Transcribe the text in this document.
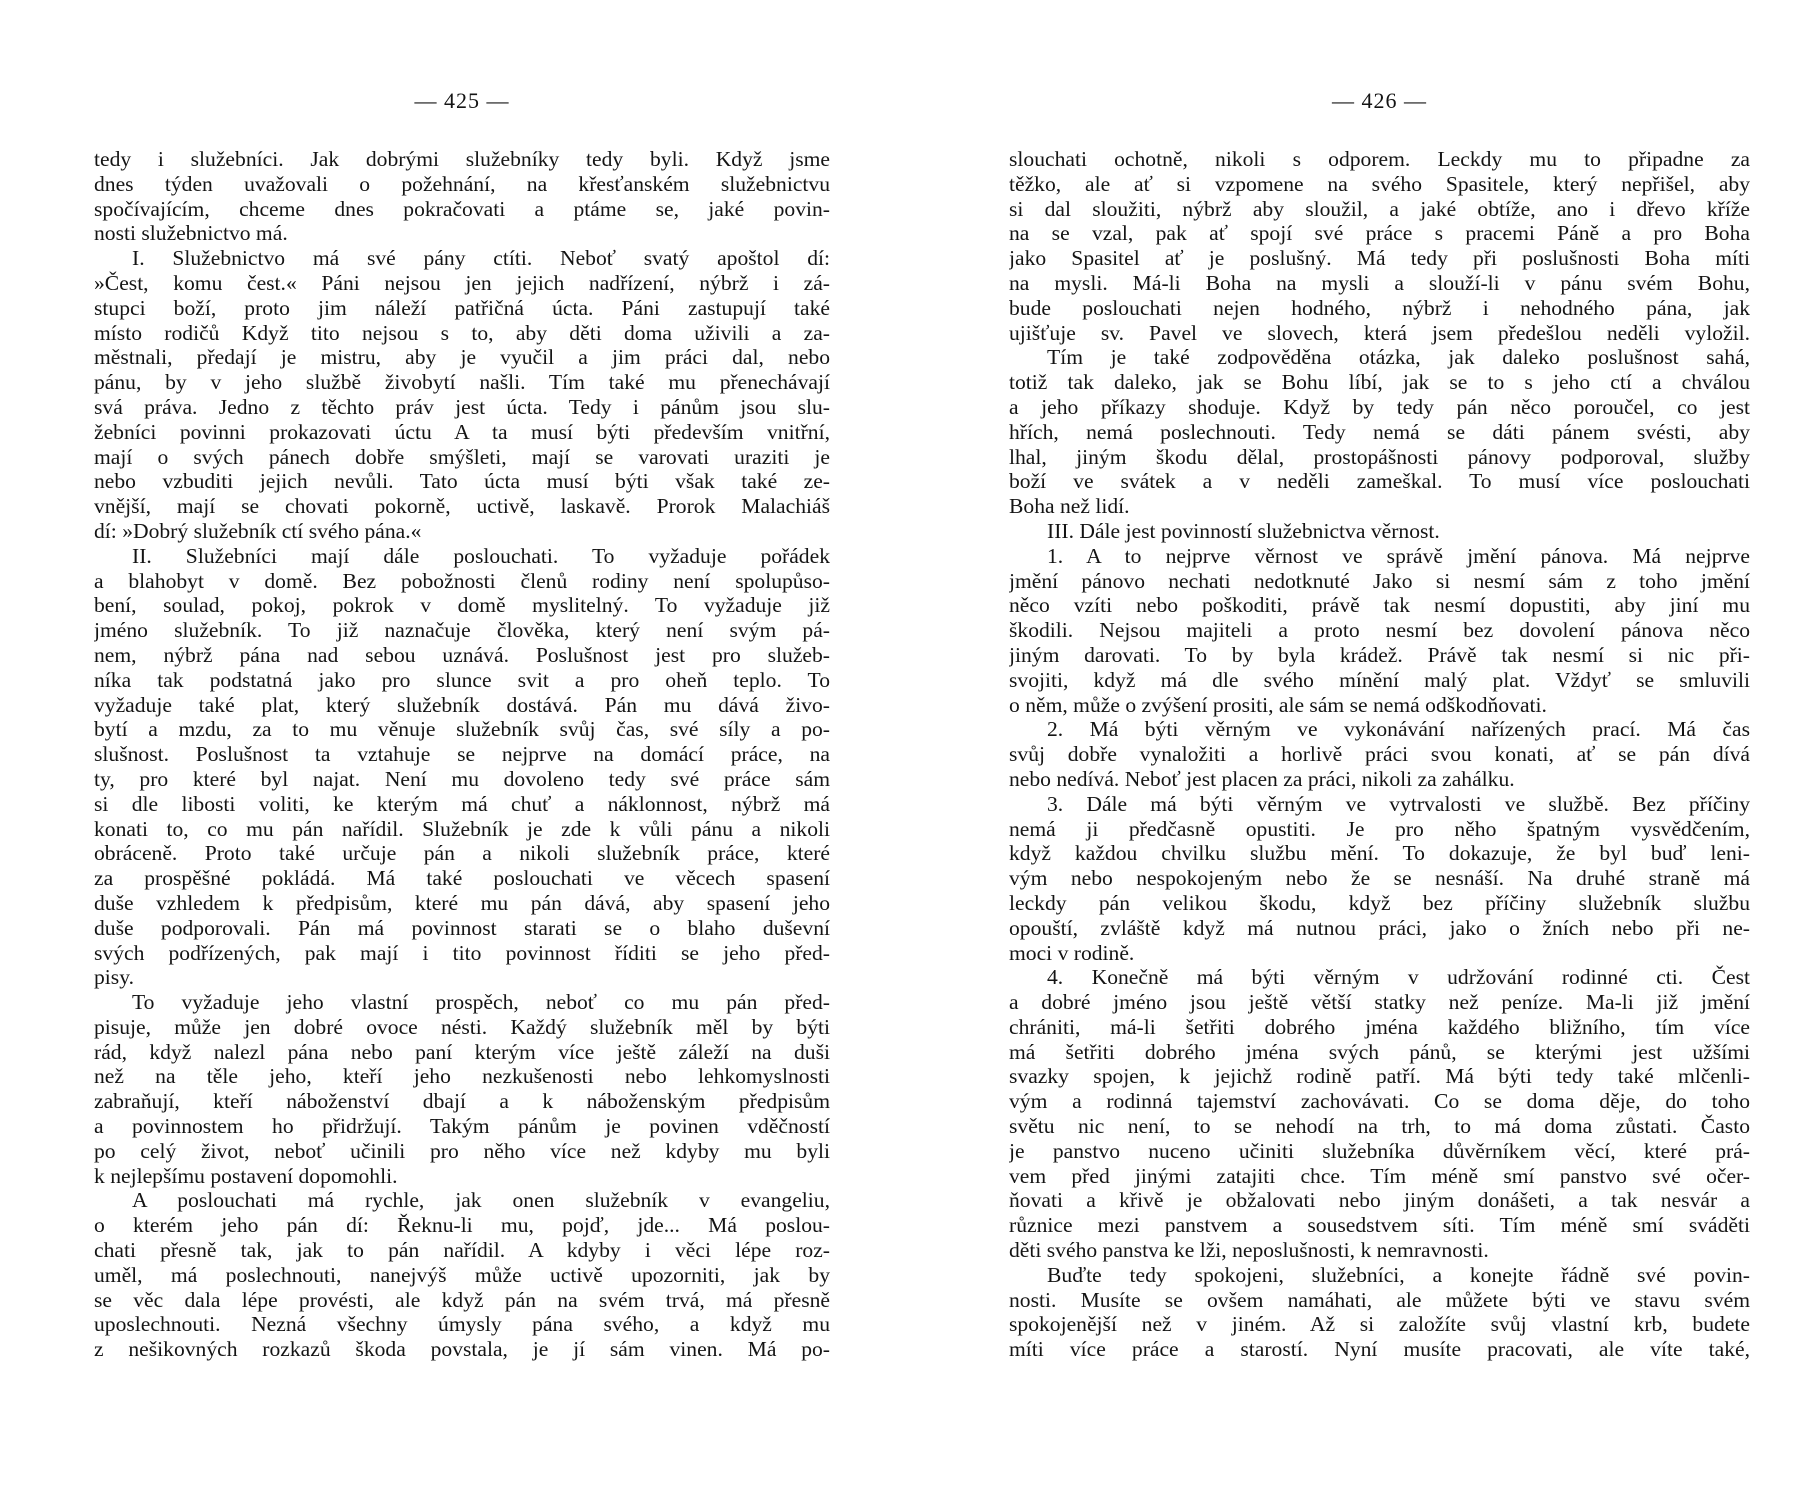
— 425 —
tedy i služebníci. Jak dobrými služebníky tedy byli. Když jsme
dnes týden uvažovali o požehnání, na křesťanském služebnictvu
spočívajícím, chceme dnes pokračovati a ptáme se, jaké povin-
nosti služebnictvo má.
I. Služebnictvo má své pány ctíti. Neboť svatý apoštol dí:
»Čest, komu čest.« Páni nejsou jen jejich nadřízení, nýbrž i zá-
stupci boží, proto jim náleží patřičná úcta. Páni zastupují také
místo rodičů Když tito nejsou s to, aby děti doma uživili a za-
městnali, předají je mistru, aby je vyučil a jim práci dal, nebo
pánu, by v jeho službě živobytí našli. Tím také mu přenechávají
svá práva. Jedno z těchto práv jest úcta. Tedy i pánům jsou slu-
žebníci povinni prokazovati úctu A ta musí býti především vnitřní,
mají o svých pánech dobře smýšleti, mají se varovati uraziti je
nebo vzbuditi jejich nevůli. Tato úcta musí býti však také ze-
vnější, mají se chovati pokorně, uctivě, laskavě. Prorok Malachiáš
dí: »Dobrý služebník ctí svého pána.«
II. Služebníci mají dále poslouchati. To vyžaduje pořádek
a blahobyt v domě. Bez pobožnosti členů rodiny není spolupůso-
bení, soulad, pokoj, pokrok v domě myslitelný. To vyžaduje již
jméno služebník. To již naznačuje člověka, který není svým pá-
nem, nýbrž pána nad sebou uznává. Poslušnost jest pro služeb-
níka tak podstatná jako pro slunce svit a pro oheň teplo. To
vyžaduje také plat, který služebník dostává. Pán mu dává živo-
bytí a mzdu, za to mu věnuje služebník svůj čas, své síly a po-
slušnost. Poslušnost ta vztahuje se nejprve na domácí práce, na
ty, pro které byl najat. Není mu dovoleno tedy své práce sám
si dle libosti voliti, ke kterým má chuť a náklonnost, nýbrž má
konati to, co mu pán nařídil. Služebník je zde k vůli pánu a nikoli
obráceně. Proto také určuje pán a nikoli služebník práce, které
za prospěšné pokládá. Má také poslouchati ve věcech spasení
duše vzhledem k předpisům, které mu pán dává, aby spasení jeho
duše podporovali. Pán má povinnost starati se o blaho duševní
svých podřízených, pak mají i tito povinnost říditi se jeho před-
pisy.
To vyžaduje jeho vlastní prospěch, neboť co mu pán před-
pisuje, může jen dobré ovoce nésti. Každý služebník měl by býti
rád, když nalezl pána nebo paní kterým více ještě záleží na duši
než na těle jeho, kteří jeho nezkušenosti nebo lehkomyslnosti
zabraňují, kteří náboženství dbají a k náboženským předpisům
a povinnostem ho přidržují. Takým pánům je povinen vděčností
po celý život, neboť učinili pro něho více než kdyby mu byli
k nejlepšímu postavení dopomohli.
A poslouchati má rychle, jak onen služebník v evangeliu,
o kterém jeho pán dí: Řeknu-li mu, pojď, jde... Má poslou-
chati přesně tak, jak to pán nařídil. A kdyby i věci lépe roz-
uměl, má poslechnouti, nanejvýš může uctivě upozorniti, jak by
se věc dala lépe provésti, ale když pán na svém trvá, má přesně
uposlechnouti. Nezná všechny úmysly pána svého, a když mu
z nešikovných rozkazů škoda povstala, je jí sám vinen. Má po-
— 426 —
slouchati ochotně, nikoli s odporem. Leckdy mu to připadne za
těžko, ale ať si vzpomene na svého Spasitele, který nepřišel, aby
si dal sloužiti, nýbrž aby sloužil, a jaké obtíže, ano i dřevo kříže
na se vzal, pak ať spojí své práce s pracemi Páně a pro Boha
jako Spasitel ať je poslušný. Má tedy při poslušnosti Boha míti
na mysli. Má-li Boha na mysli a slouží-li v pánu svém Bohu,
bude poslouchati nejen hodného, nýbrž i nehodného pána, jak
ujišťuje sv. Pavel ve slovech, která jsem předešlou neděli vyložil.
Tím je také zodpověděna otázka, jak daleko poslušnost sahá,
totiž tak daleko, jak se Bohu líbí, jak se to s jeho ctí a chválou
a jeho příkazy shoduje. Když by tedy pán něco poroučel, co jest
hřích, nemá poslechnouti. Tedy nemá se dáti pánem svésti, aby
lhal, jiným škodu dělal, prostopášnosti pánovy podporoval, služby
boží ve svátek a v neděli zameškal. To musí více poslouchati
Boha než lidí.
III. Dále jest povinností služebnictva věrnost.
1. A to nejprve věrnost ve správě jmění pánova. Má nejprve
jmění pánovo nechati nedotknuté Jako si nesmí sám z toho jmění
něco vzíti nebo poškoditi, právě tak nesmí dopustiti, aby jiní mu
škodili. Nejsou majiteli a proto nesmí bez dovolení pánova něco
jiným darovati. To by byla krádež. Právě tak nesmí si nic při-
svojiti, když má dle svého mínění malý plat. Vždyť se smluvili
o něm, může o zvýšení prositi, ale sám se nemá odškodňovati.
2. Má býti věrným ve vykonávání nařízených prací. Má čas
svůj dobře vynaložiti a horlivě práci svou konati, ať se pán dívá
nebo nedívá. Neboť jest placen za práci, nikoli za zahálku.
3. Dále má býti věrným ve vytrvalosti ve službě. Bez příčiny
nemá ji předčasně opustiti. Je pro něho špatným vysvědčením,
když každou chvilku službu mění. To dokazuje, že byl buď leni-
vým nebo nespokojeným nebo že se nesnáší. Na druhé straně má
leckdy pán velikou škodu, když bez příčiny služebník službu
opouští, zvláště když má nutnou práci, jako o žních nebo při ne-
moci v rodině.
4. Konečně má býti věrným v udržování rodinné cti. Čest
a dobré jméno jsou ještě větší statky než peníze. Ma-li již jmění
chrániti, má-li šetřiti dobrého jména každého bližního, tím více
má šetřiti dobrého jména svých pánů, se kterými jest užšími
svazky spojen, k jejichž rodině patří. Má býti tedy také mlčenli-
vým a rodinná tajemství zachovávati. Co se doma děje, do toho
světu nic není, to se nehodí na trh, to má doma zůstati. Často
je panstvo nuceno učiniti služebníka důvěrníkem věcí, které prá-
vem před jinými zatajiti chce. Tím méně smí panstvo své očer-
ňovati a křivě je obžalovati nebo jiným donášeti, a tak nesvár a
různice mezi panstvem a sousedstvem síti. Tím méně smí sváděti
děti svého panstva ke lži, neposlušnosti, k nemravnosti.
Buďte tedy spokojeni, služebníci, a konejte řádně své povin-
nosti. Musíte se ovšem namáhati, ale můžete býti ve stavu svém
spokojenější než v jiném. Až si založíte svůj vlastní krb, budete
míti více práce a starostí. Nyní musíte pracovati, ale víte také,
